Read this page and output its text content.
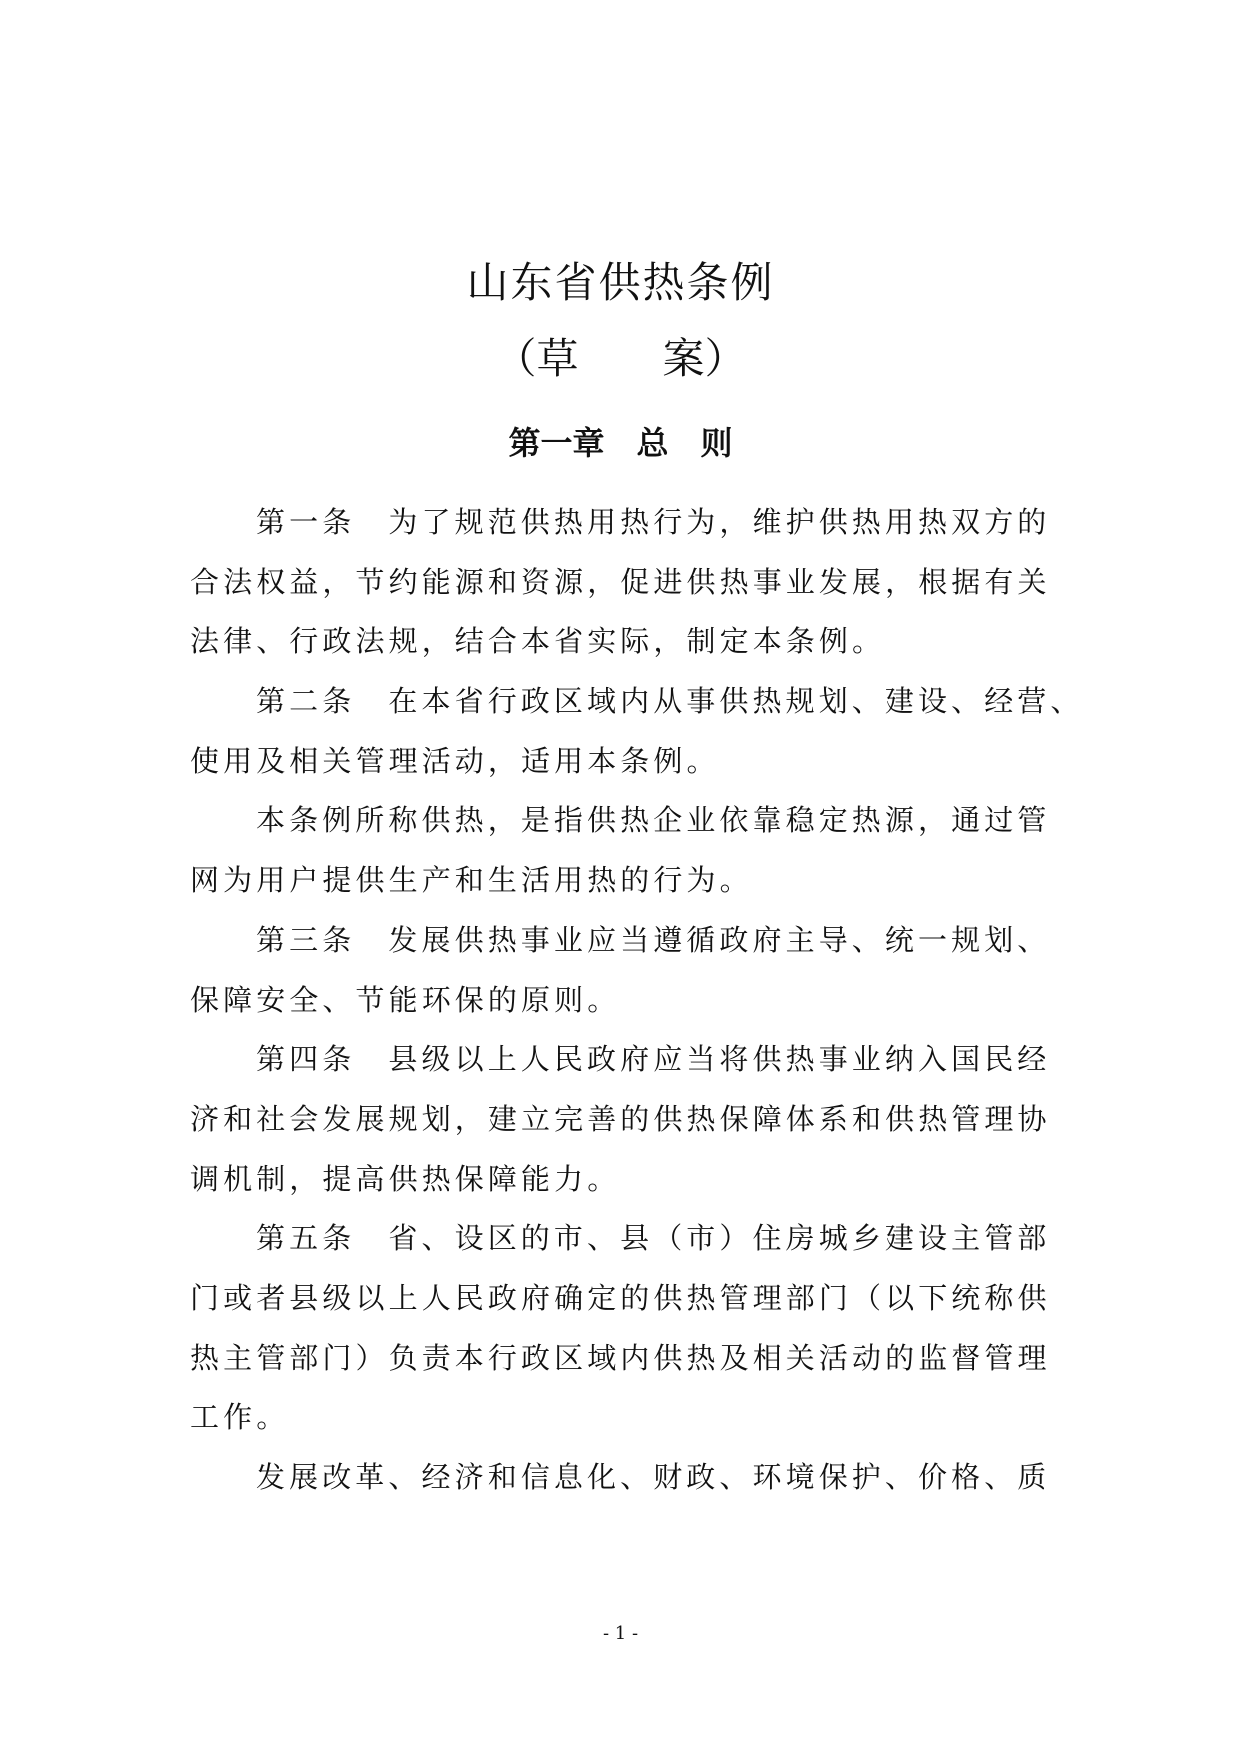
山东省供热条例
（草　　案）
第一章　总　则
第一条　为了规范供热用热行为，维护供热用热双方的
合法权益，节约能源和资源，促进供热事业发展，根据有关
法律、行政法规，结合本省实际，制定本条例。
第二条　在本省行政区域内从事供热规划、建设、经营、
使用及相关管理活动，适用本条例。
本条例所称供热，是指供热企业依靠稳定热源，通过管
网为用户提供生产和生活用热的行为。
第三条　发展供热事业应当遵循政府主导、统一规划、
保障安全、节能环保的原则。
第四条　县级以上人民政府应当将供热事业纳入国民经
济和社会发展规划，建立完善的供热保障体系和供热管理协
调机制，提高供热保障能力。
第五条　省、设区的市、县（市）住房城乡建设主管部
门或者县级以上人民政府确定的供热管理部门（以下统称供
热主管部门）负责本行政区域内供热及相关活动的监督管理
工作。
发展改革、经济和信息化、财政、环境保护、价格、质
- 1 -
